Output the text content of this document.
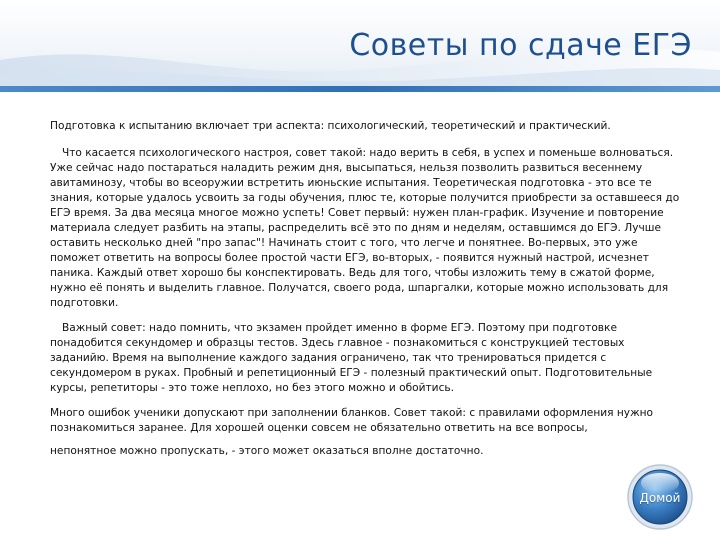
Советы по сдаче ЕГЭ

Подготовка к испытанию включает три аспекта: психологический, теоретический и практический.

Что касается психологического настроя, совет такой: надо верить в себя, в успех и поменьше волноваться. Уже сейчас надо постараться наладить режим дня, высыпаться, нельзя позволить развиться весеннему авитаминозу, чтобы во всеоружии встретить июньские испытания. Теоретическая подготовка - это все те знания, которые удалось усвоить за годы обучения, плюс те, которые получится приобрести за оставшееся до ЕГЭ время. За два месяца многое можно успеть! Совет первый: нужен план-график. Изучение и повторение материала следует разбить на этапы, распределить всё это по дням и неделям, оставшимся до ЕГЭ. Лучше оставить несколько дней "про запас"! Начинать стоит с того, что легче и понятнее. Во-первых, это уже поможет ответить на вопросы более простой части ЕГЭ, во-вторых, - появится нужный настрой, исчезнет паника. Каждый ответ хорошо бы конспектировать. Ведь для того, чтобы изложить тему в сжатой форме, нужно её понять и выделить главное. Получатся, своего рода, шпаргалки, которые можно использовать для подготовки.

Важный совет: надо помнить, что экзамен пройдет именно в форме ЕГЭ. Поэтому при подготовке понадобится секундомер и образцы тестов. Здесь главное - познакомиться с конструкцией тестовых заданийю. Время на выполнение каждого задания ограничено, так что тренироваться придется с секундомером в руках. Пробный и репетиционный ЕГЭ - полезный практический опыт. Подготовительные курсы, репетиторы - это тоже неплохо, но без этого можно и обойтись.

Много ошибок ученики допускают при заполнении бланков. Совет такой: с правилами оформления нужно познакомиться заранее. Для хорошей оценки совсем не обязательно ответить на все вопросы,

непонятное можно пропускать, - этого может оказаться вполне достаточно.

Домой
